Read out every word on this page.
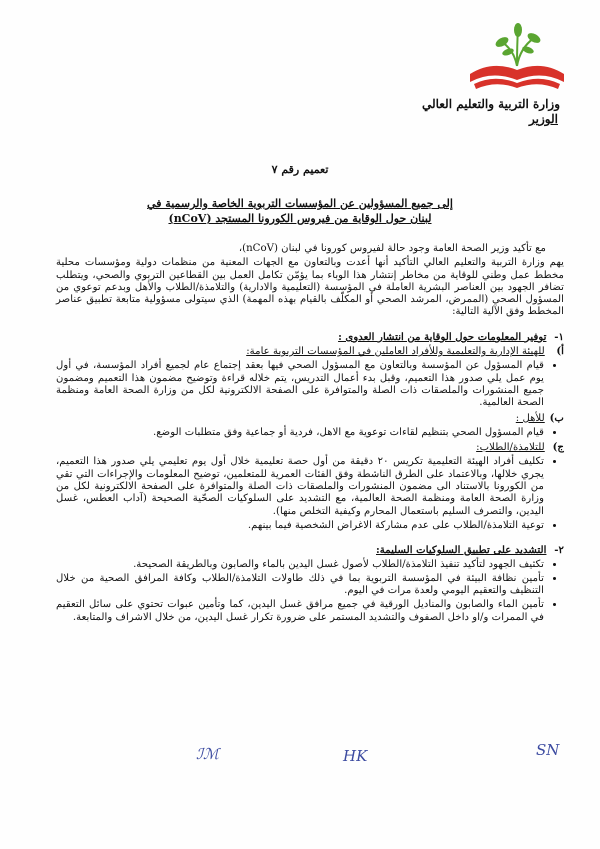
وزارة التربية والتعليم العالي
الوزير
تعميم رقم ٧
إلى جميع المسؤولين عن المؤسسات التربوية الخاصة والرسمية في
لبنان حول الوقاية من فيروس الكورونا المستجد (nCoV)

مع تأكيد وزير الصحة العامة وجود حالة لفيروس كورونا في لبنان (nCoV)،

يهم وزارة التربية والتعليم العالي التأكيد أنها أعدت وبالتعاون مع الجهات المعنية من منظمات دولية ومؤسسات محلية مخطط عمل وطني للوقاية من مخاطر إنتشار هذا الوباء بما يؤمّن تكامل العمل بين القطاعين التربوي والصحي، ويتطلب تضافر الجهود بين العناصر البشرية العاملة في المؤسسة (التعليمية والادارية) والتلامذة/الطلاب والأهل وبدعم توعوي من المسؤول الصحي (الممرض، المرشد الصحي أو المكلّف بالقيام بهذه المهمة) الذي سيتولى مسؤولية متابعة تطبيق عناصر المخطط وفق الآلية التالية:

١- توفير المعلومات حول الوقاية من انتشار العدوى :
أ) للهيئة الإدارية والتعليمية وللأفراد العاملين في المؤسسات التربوية عامة:
• قيام المسؤول عن المؤسسة وبالتعاون مع المسؤول الصحي فيها بعقد إجتماع عام لجميع أفراد المؤسسة، في أول يوم عمل يلي صدور هذا التعميم، وقبل بدء أعمال التدريس، يتم خلاله قراءة وتوضيح مضمون هذا التعميم ومضمون جميع المنشورات والملصقات ذات الصلة والمتوافرة على الصفحة الالكترونية لكل من وزارة الصحة العامة ومنظمة الصحة العالمية.
ب) للأهل :
• قيام المسؤول الصحي بتنظيم لقاءات توعوية مع الاهل، فردية أو جماعية وفق متطلبات الوضع.
ج) للتلامذة/الطلاب:
• تكليف أفراد الهيئة التعليمية تكريس ٢٠ دقيقة من أول حصة تعليمية خلال أول يوم تعليمي يلي صدور هذا التعميم، يجري خلالها، وبالاعتماد على الطرق الناشطة وفق الفئات العمرية للمتعلمين، توضيح المعلومات والإجراءات التي تقي من الكورونا بالاستناد الى مضمون المنشورات والملصقات ذات الصلة والمتوافرة على الصفحة الالكترونية لكل من وزارة الصحة العامة ومنظمة الصحة العالمية، مع التشديد على السلوكيات الصحّية الصحيحة (آداب العطس، غسل اليدين، والتصرف السليم باستعمال المحارم وكيفية التخلص منها).
• توعية التلامذة/الطلاب على عدم مشاركة الاغراض الشخصية فيما بينهم.
٢- التشديد على تطبيق السلوكيات السليمة:
• تكثيف الجهود لتأكيد تنفيذ التلامذة/الطلاب لأصول غسل اليدين بالماء والصابون وبالطريقة الصحيحة.
• تأمين نظافة البيئة في المؤسسة التربوية بما في ذلك طاولات التلامذة/الطلاب وكافة المرافق الصحية من خلال التنظيف والتعقيم اليومي ولعدة مرات في اليوم.
• تأمين الماء والصابون والمناديل الورقية في جميع مرافق غسل اليدين، كما وتأمين عبوات تحتوي على سائل التعقيم في الممرات و/او داخل الصفوف والتشديد المستمر على ضرورة تكرار غسل اليدين، من خلال الاشراف والمتابعة.
ℐℳ	HK	SN
